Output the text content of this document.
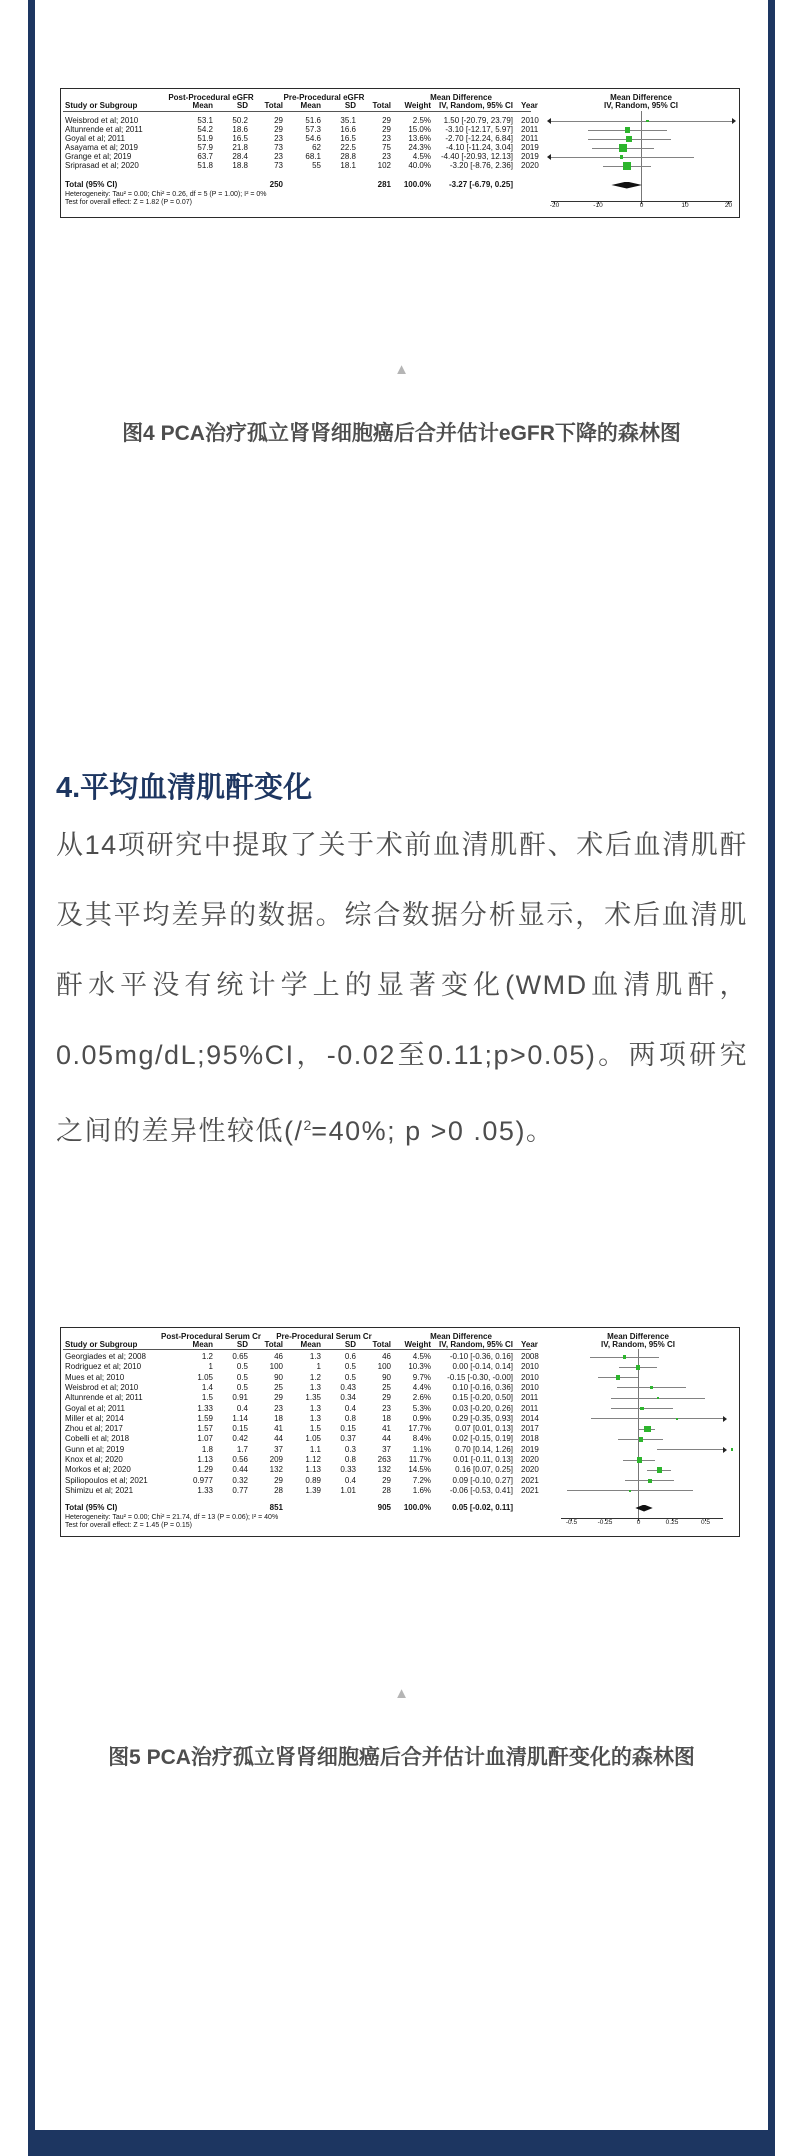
Post-Procedural eGFR	Pre-Procedural eGFR	Mean Difference	Mean Difference
IV, Random, 95% CI
Study or Subgroup	Mean	SD	Total	Mean	SD	Total	Weight	IV, Random, 95% CI Year
Weisbrod et al; 2010	53.1	50.2	29	51.6	35.1	29	2.5%	1.50 [-20.79, 23.79] 2010
Altunrende et al; 2011	54.2	18.6	29	57.3	16.6	29	15.0%	-3.10 [-12.17, 5.97] 2011
Goyal et al; 2011	51.9	16.5	23	54.6	16.5	23	13.6%	-2.70 [-12.24, 6.84] 2011
Asayama et al; 2019	57.9	21.8	73	62	22.5	75	24.3%	-4.10 [-11.24, 3.04] 2019
Grange et al; 2019	63.7	28.4	23	68.1	28.8	23	4.5%	-4.40 [-20.93, 12.13] 2019
Sriprasad et al; 2020	51.8	18.8	73	55	18.1	102	40.0%	-3.20 [-8.76, 2.36] 2020
Total (95% CI)	250	281	100.0%	-3.27 [-6.79, 0.25]
Heterogeneity: Tau² = 0.00; Chi² = 0.26, df = 5 (P = 1.00); I² = 0%
Test for overall effect: Z = 1.82 (P = 0.07)	-20	-10	0	10	20
▲
图4 PCA治疗孤立肾肾细胞癌后合并估计eGFR下降的森林图
4.平均血清肌酐变化

从14项研究中提取了关于术前血清肌酐、术后血清肌酐及其平均差异的数据。综合数据分析显示，术后血清肌酐水平没有统计学上的显著变化(WMD血清肌酐，0.05mg/dL;95%CI，-0.02至0.11;p>0.05)。两项研究之间的差异性较低(/$^2$=40%; p >0 .05)。

Post-Procedural Serum Cr	Pre-Procedural Serum Cr	Mean Difference	Mean Difference
IV, Random, 95% CI
Study or Subgroup	Mean	SD	Total	Mean	SD	Total	Weight	IV, Random, 95% CI Year
Georgiades et al; 2008	1.2	0.65	46	1.3	0.6	46	4.5%	-0.10 [-0.36, 0.16] 2008
Rodriguez et al; 2010	1	0.5	100	1	0.5	100	10.3%	0.00 [-0.14, 0.14] 2010
Mues et al; 2010	1.05	0.5	90	1.2	0.5	90	9.7%	-0.15 [-0.30, -0.00] 2010
Weisbrod et al; 2010	1.4	0.5	25	1.3	0.43	25	4.4%	0.10 [-0.16, 0.36] 2010
Altunrende et al; 2011	1.5	0.91	29	1.35	0.34	29	2.6%	0.15 [-0.20, 0.50] 2011
Goyal et al; 2011	1.33	0.4	23	1.3	0.4	23	5.3%	0.03 [-0.20, 0.26] 2011
Miller et al; 2014	1.59	1.14	18	1.3	0.8	18	0.9%	0.29 [-0.35, 0.93] 2014
Zhou et al; 2017	1.57	0.15	41	1.5	0.15	41	17.7%	0.07 [0.01, 0.13] 2017
Cobelli et al; 2018	1.07	0.42	44	1.05	0.37	44	8.4%	0.02 [-0.15, 0.19] 2018
Gunn et al; 2019	1.8	1.7	37	1.1	0.3	37	1.1%	0.70 [0.14, 1.26] 2019
Knox et al; 2020	1.13	0.56	209	1.12	0.8	263	11.7%	0.01 [-0.11, 0.13] 2020
Morkos et al; 2020	1.29	0.44	132	1.13	0.33	132	14.5%	0.16 [0.07, 0.25] 2020
Spiliopoulos et al; 2021	0.977	0.32	29	0.89	0.4	29	7.2%	0.09 [-0.10, 0.27] 2021
Shimizu et al; 2021	1.33	0.77	28	1.39	1.01	28	1.6%	-0.06 [-0.53, 0.41] 2021
Total (95% CI)	851	905	100.0%	0.05 [-0.02, 0.11]
Heterogeneity: Tau² = 0.00; Chi² = 21.74, df = 13 (P = 0.06); I² = 40%
Test for overall effect: Z = 1.45 (P = 0.15)	-0.5	-0.25	0	0.25	0.5
▲
图5 PCA治疗孤立肾肾细胞癌后合并估计血清肌酐变化的森林图
